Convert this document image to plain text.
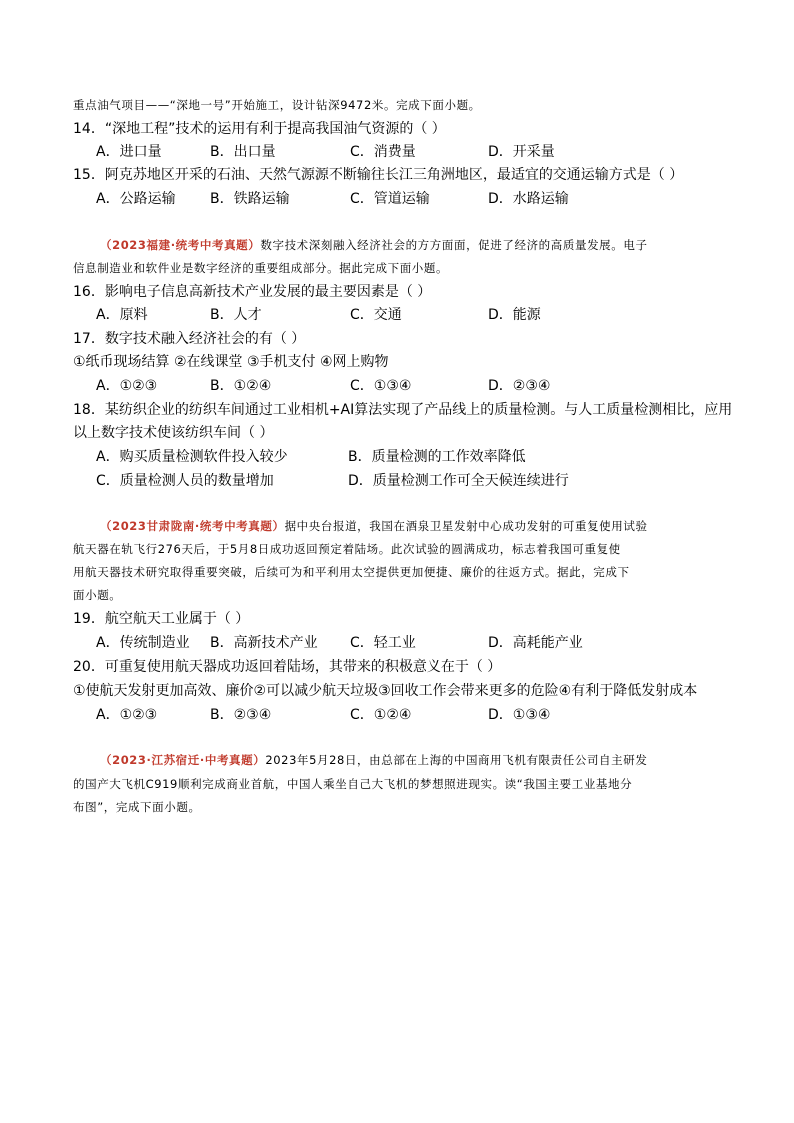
重点油气项目——“深地一号”开始施工，设计钻深9472米。完成下面小题。
14．“深地工程”技术的运用有利于提高我国油气资源的（ ）
A．进口量	B．出口量	C．消费量	D．开采量
15．阿克苏地区开采的石油、天然气源源不断输往长江三角洲地区，最适宜的交通运输方式是（ ）
A．公路运输 B．铁路运输	C．管道运输	D．水路运输
（2023福建·统考中考真题）数字技术深刻融入经济社会的方方面面，促进了经济的高质量发展。电子
信息制造业和软件业是数字经济的重要组成部分。据此完成下面小题。
16．影响电子信息高新技术产业发展的最主要因素是（ ）
A．原料	B．人才	C．交通	D．能源
17．数字技术融入经济社会的有（ ）
①纸币现场结算 ②在线课堂 ③手机支付 ④网上购物
A．①②③	B．①②④	C．①③④	D．②③④
18．某纺织企业的纺织车间通过工业相机+AI算法实现了产品线上的质量检测。与人工质量检测相比，应用
以上数字技术使该纺织车间（ ）
A．购买质量检测软件投入较少	B．质量检测的工作效率降低
C．质量检测人员的数量增加	D．质量检测工作可全天候连续进行
（2023甘肃陇南·统考中考真题）据中央台报道，我国在酒泉卫星发射中心成功发射的可重复使用试验
航天器在轨飞行276天后，于5月8日成功返回预定着陆场。此次试验的圆满成功，标志着我国可重复使
用航天器技术研究取得重要突破，后续可为和平利用太空提供更加便捷、廉价的往返方式。据此，完成下
面小题。
19．航空航天工业属于（ ）
A．传统制造业 B．高新技术产业 C．轻工业	D．高耗能产业
20．可重复使用航天器成功返回着陆场，其带来的积极意义在于（ ）
①使航天发射更加高效、廉价②可以减少航天垃圾③回收工作会带来更多的危险④有利于降低发射成本
A．①②③	B．②③④	C．①②④	D．①③④
（2023·江苏宿迁·中考真题）2023年5月28日，由总部在上海的中国商用飞机有限责任公司自主研发
的国产大飞机C919顺利完成商业首航，中国人乘坐自己大飞机的梦想照进现实。读“我国主要工业基地分
布图”，完成下面小题。
